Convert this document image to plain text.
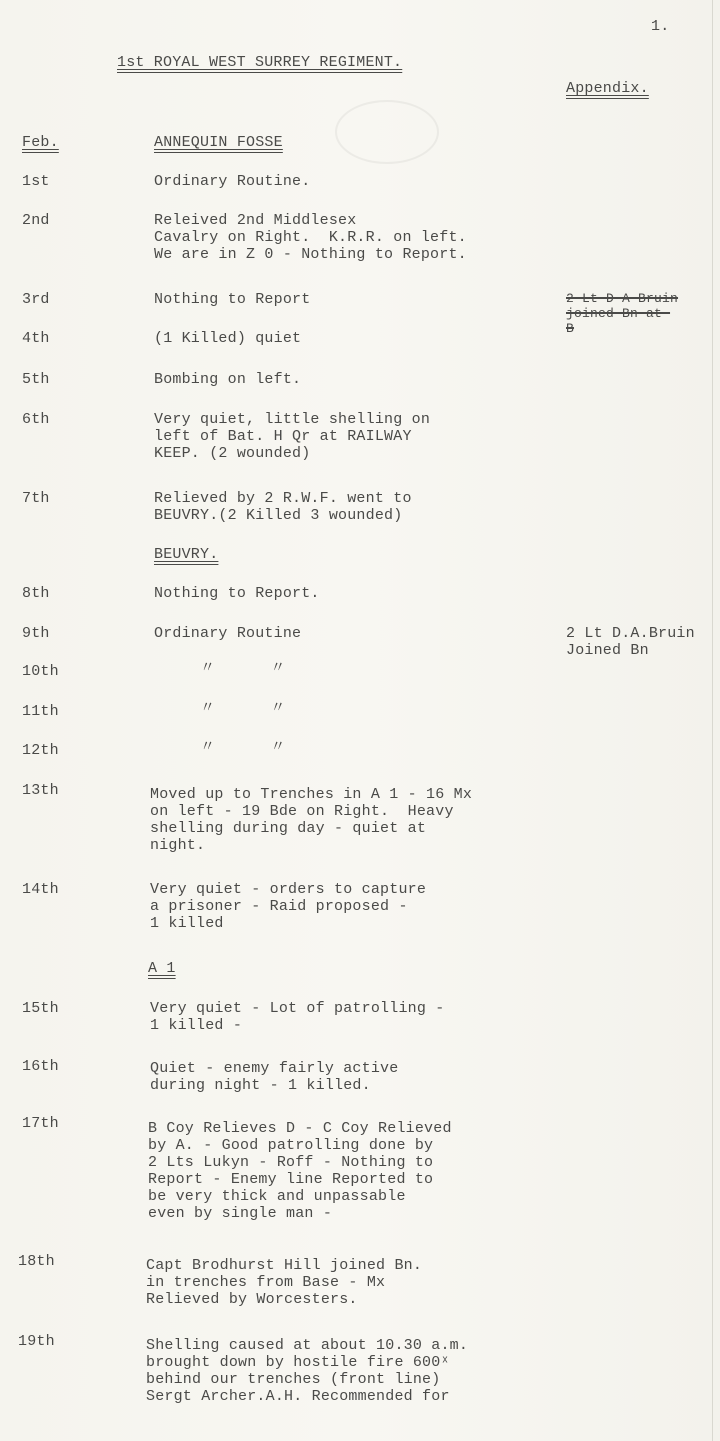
1.
1st ROYAL WEST SURREY REGIMENT.
Appendix.
Feb.	ANNEQUIN FOSSE
1st	Ordinary Routine.
2nd	Releived 2nd Middlesex
Cavalry on Right.  K.R.R. on left.
We are in Z 0 - Nothing to Report.
3rd	Nothing to Report	2-Lt-D-A-Bruin
joined-Bn-at-
B
4th	(1 Killed) quiet
5th	Bombing on left.
6th	Very quiet, little shelling on
left of Bat. H Qr at RAILWAY
KEEP. (2 wounded)
7th	Relieved by 2 R.W.F. went to
BEUVRY.(2 Killed 3 wounded)
BEUVRY.
8th	Nothing to Report.
9th	Ordinary Routine	2 Lt D.A.Bruin
Joined Bn
10th	〃      〃
11th	〃      〃
12th	〃      〃
13th	Moved up to Trenches in A 1 - 16 Mx
on left - 19 Bde on Right.  Heavy
shelling during day - quiet at
night.
14th	Very quiet - orders to capture
a prisoner - Raid proposed -
1 killed
A 1
15th	Very quiet - Lot of patrolling -
1 killed -
16th	Quiet - enemy fairly active
during night - 1 killed.
17th	B Coy Relieves D - C Coy Relieved
by A. - Good patrolling done by
2 Lts Lukyn - Roff - Nothing to
Report - Enemy line Reported to
be very thick and unpassable
even by single man -
18th	Capt Brodhurst Hill joined Bn.
in trenches from Base - Mx
Relieved by Worcesters.
19th	Shelling caused at about 10.30 a.m.
brought down by hostile fire 600ˣ
behind our trenches (front line)
Sergt Archer.A.H. Recommended for
